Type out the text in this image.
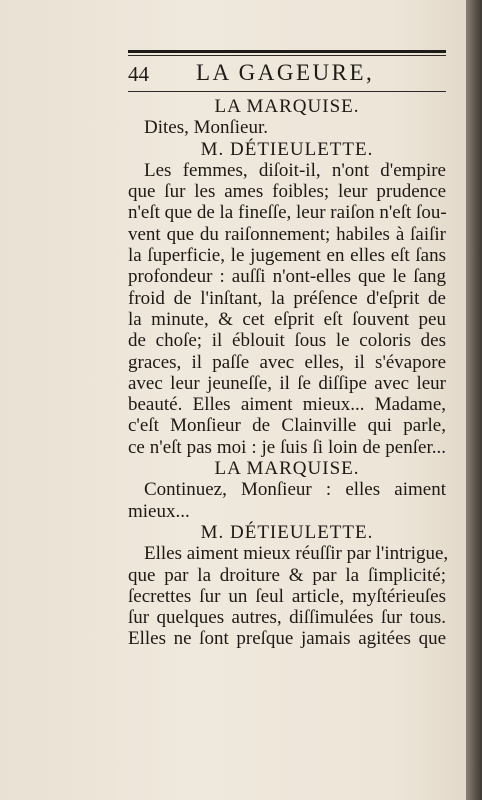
44 LA GAGEURE,
LA MARQUISE.
Dites, Monſieur.
M. DÉTIEULETTE.
Les femmes, diſoit-il, n'ont d'empire
que ſur les ames foibles; leur prudence
n'eſt que de la fineſſe, leur raiſon n'eſt ſou-
vent que du raiſonnement; habiles à ſaiſir
la ſuperficie, le jugement en elles eſt ſans
profondeur : auſſi n'ont-elles que le ſang
froid de l'inſtant, la préſence d'eſprit de
la minute, & cet eſprit eſt ſouvent peu
de choſe; il éblouit ſous le coloris des
graces, il paſſe avec elles, il s'évapore
avec leur jeuneſſe, il ſe diſſipe avec leur
beauté. Elles aiment mieux... Madame,
c'eſt Monſieur de Clainville qui parle,
ce n'eſt pas moi : je ſuis ſi loin de penſer...
LA MARQUISE.
Continuez, Monſieur : elles aiment
mieux...
M. DÉTIEULETTE.
Elles aiment mieux réuſſir par l'intrigue,
que par la droiture & par la ſimplicité;
ſecrettes ſur un ſeul article, myſtérieuſes
ſur quelques autres, diſſimulées ſur tous.
Elles ne ſont preſque jamais agitées que
